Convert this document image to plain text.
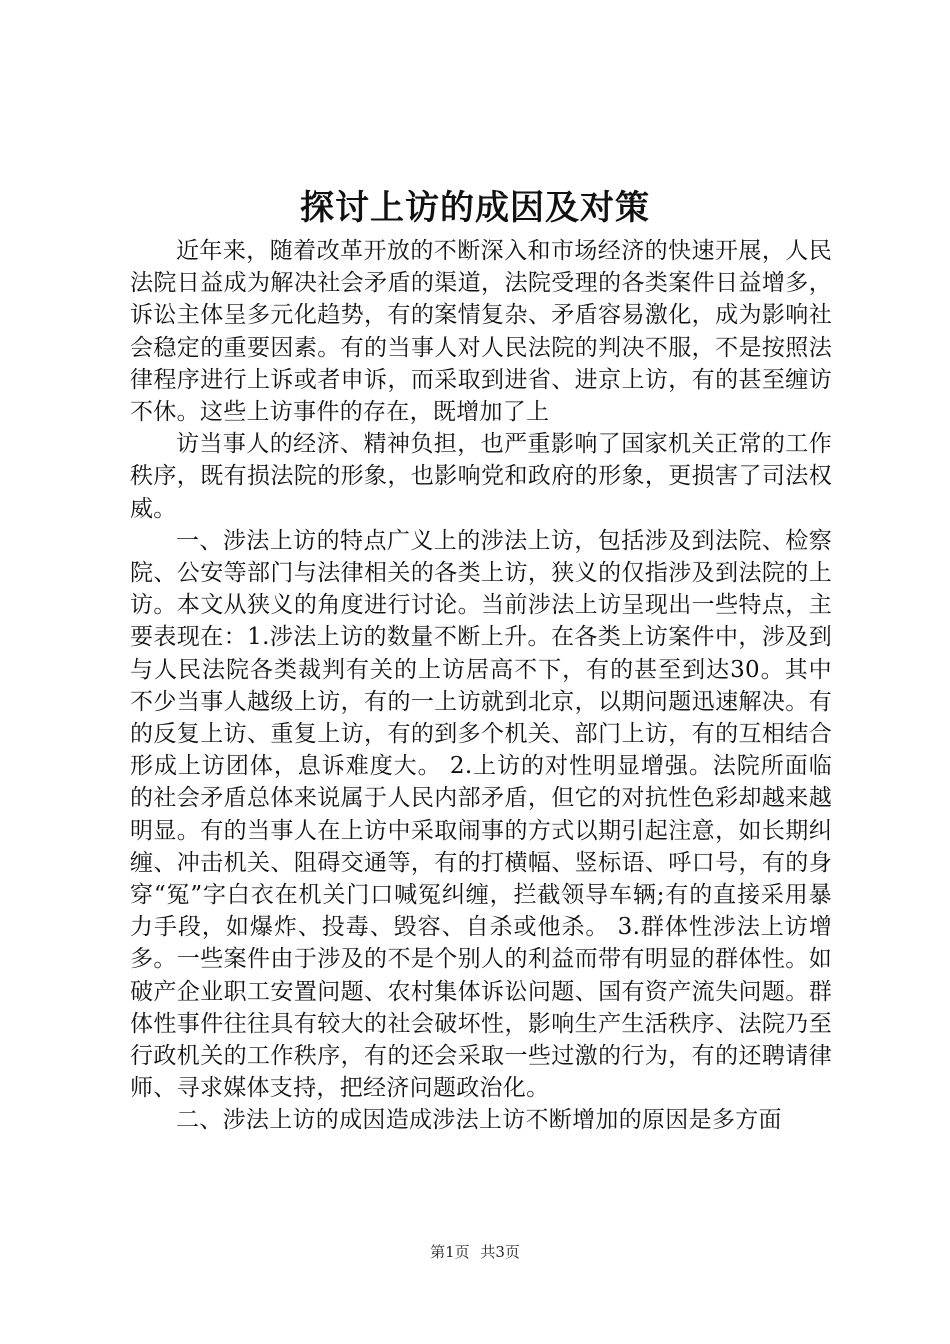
探讨上访的成因及对策

近年来，随着改革开放的不断深入和市场经济的快速开展，人民法院日益成为解决社会矛盾的渠道，法院受理的各类案件日益增多，诉讼主体呈多元化趋势，有的案情复杂、矛盾容易激化，成为影响社会稳定的重要因素。有的当事人对人民法院的判决不服，不是按照法律程序进行上诉或者申诉，而采取到进省、进京上访，有的甚至缠访不休。这些上访事件的存在，既增加了上

访当事人的经济、精神负担，也严重影响了国家机关正常的工作秩序，既有损法院的形象，也影响党和政府的形象，更损害了司法权威。

一、涉法上访的特点广义上的涉法上访，包括涉及到法院、检察院、公安等部门与法律相关的各类上访，狭义的仅指涉及到法院的上访。本文从狭义的角度进行讨论。当前涉法上访呈现出一些特点，主要表现在：1.涉法上访的数量不断上升。在各类上访案件中，涉及到与人民法院各类裁判有关的上访居高不下，有的甚至到达30。其中不少当事人越级上访，有的一上访就到北京，以期问题迅速解决。有的反复上访、重复上访，有的到多个机关、部门上访，有的互相结合形成上访团体，息诉难度大。 2.上访的对性明显增强。法院所面临的社会矛盾总体来说属于人民内部矛盾，但它的对抗性色彩却越来越明显。有的当事人在上访中采取闹事的方式以期引起注意，如长期纠缠、冲击机关、阻碍交通等，有的打横幅、竖标语、呼口号，有的身穿“冤”字白衣在机关门口喊冤纠缠，拦截领导车辆;有的直接采用暴力手段，如爆炸、投毒、毁容、自杀或他杀。 3.群体性涉法上访增多。一些案件由于涉及的不是个别人的利益而带有明显的群体性。如破产企业职工安置问题、农村集体诉讼问题、国有资产流失问题。群体性事件往往具有较大的社会破坏性，影响生产生活秩序、法院乃至行政机关的工作秩序，有的还会采取一些过激的行为，有的还聘请律师、寻求媒体支持，把经济问题政治化。

二、涉法上访的成因造成涉法上访不断增加的原因是多方面

第1页 共3页
